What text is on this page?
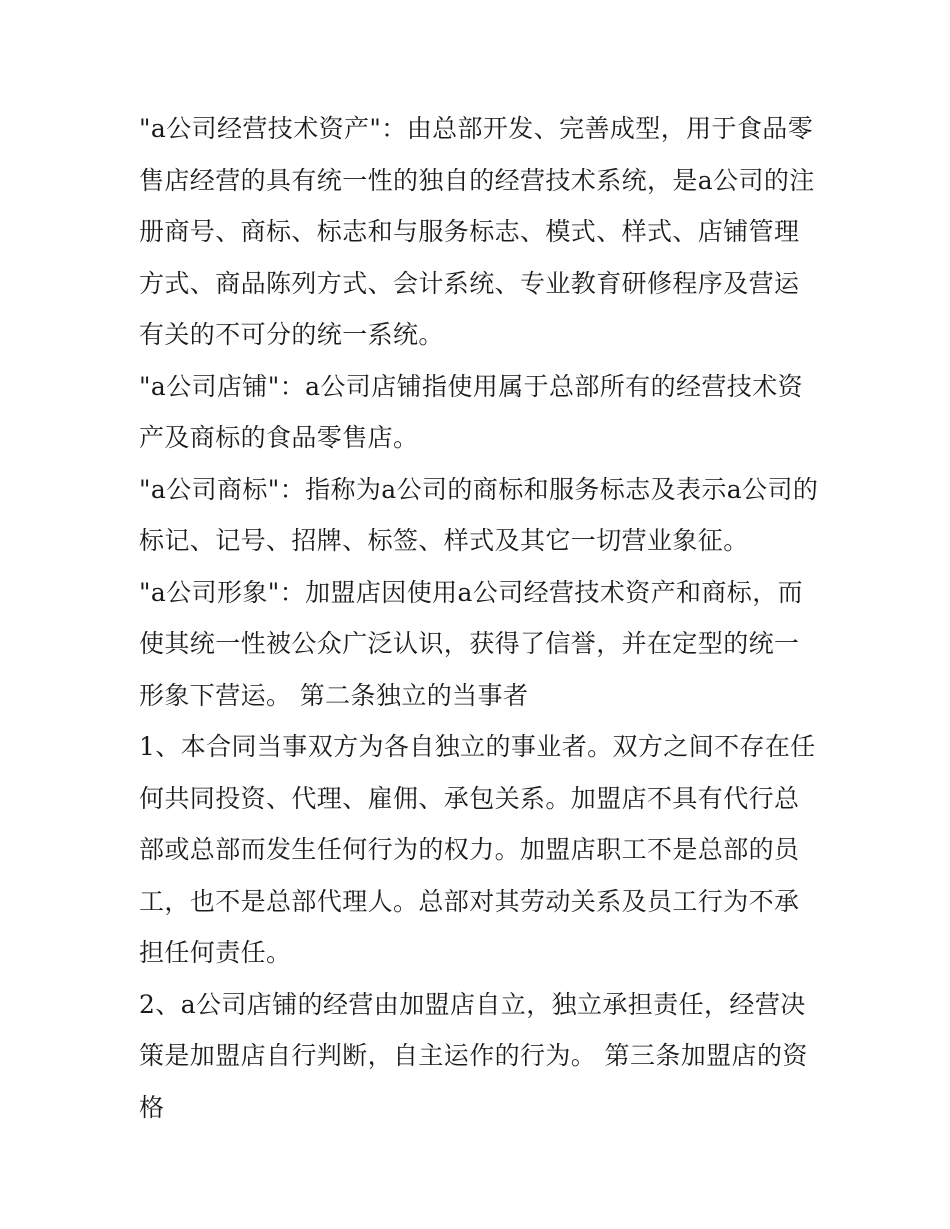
"a公司经营技术资产"：由总部开发、完善成型，用于食品零售店经营的具有统一性的独自的经营技术系统，是a公司的注册商号、商标、标志和与服务标志、模式、样式、店铺管理方式、商品陈列方式、会计系统、专业教育研修程序及营运有关的不可分的统一系统。

"a公司店铺"：a公司店铺指使用属于总部所有的经营技术资产及商标的食品零售店。

"a公司商标"：指称为a公司的商标和服务标志及表示a公司的标记、记号、招牌、标签、样式及其它一切营业象征。

"a公司形象"：加盟店因使用a公司经营技术资产和商标，而使其统一性被公众广泛认识，获得了信誉，并在定型的统一形象下营运。 第二条独立的当事者

1、本合同当事双方为各自独立的事业者。双方之间不存在任何共同投资、代理、雇佣、承包关系。加盟店不具有代行总部或总部而发生任何行为的权力。加盟店职工不是总部的员工，也不是总部代理人。总部对其劳动关系及员工行为不承担任何责任。

2、a公司店铺的经营由加盟店自立，独立承担责任，经营决策是加盟店自行判断，自主运作的行为。 第三条加盟店的资格
